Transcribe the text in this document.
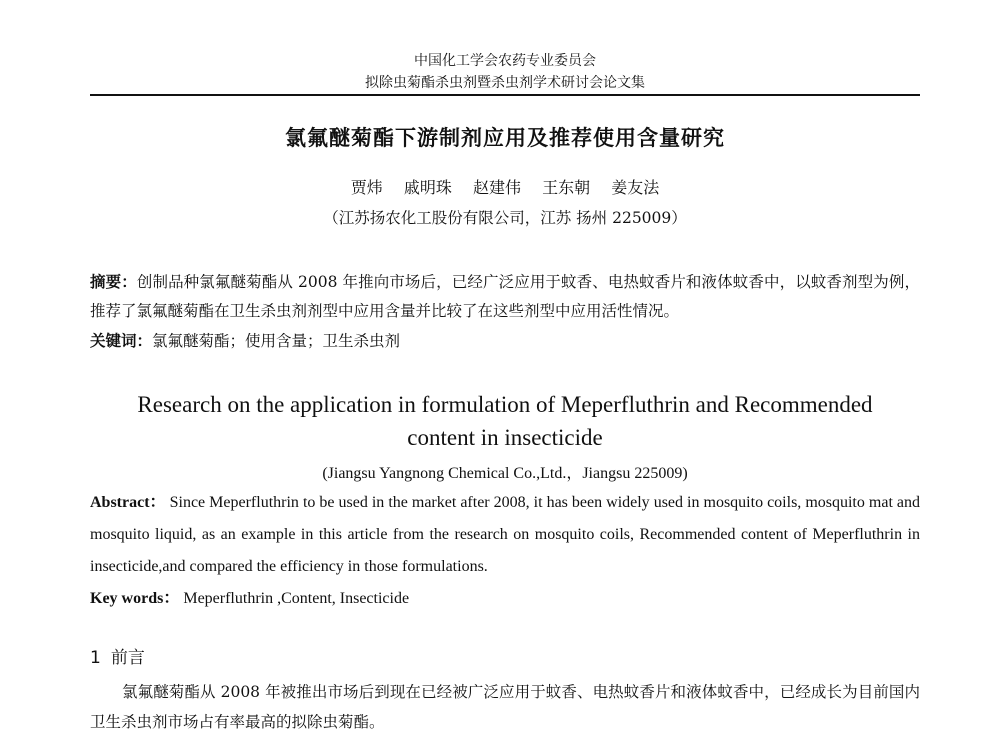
中国化工学会农药专业委员会
拟除虫菊酯杀虫剂暨杀虫剂学术研讨会论文集
氯氟醚菊酯下游制剂应用及推荐使用含量研究
贾炜 戚明珠 赵建伟 王东朝 姜友法
（江苏扬农化工股份有限公司，江苏 扬州 225009）
摘要：创制品种氯氟醚菊酯从 2008 年推向市场后，已经广泛应用于蚊香、电热蚊香片和液体蚊香中，以蚊香剂型为例，推荐了氯氟醚菊酯在卫生杀虫剂剂型中应用含量并比较了在这些剂型中应用活性情况。
关键词：氯氟醚菊酯；使用含量；卫生杀虫剂
Research on the application in formulation of Meperfluthrin and Recommended
content in insecticide
(Jiangsu Yangnong Chemical Co.,Ltd.，Jiangsu 225009)
Abstract： Since Meperfluthrin to be used in the market after 2008, it has been widely used in mosquito coils, mosquito mat and mosquito liquid, as an example in this article from the research on mosquito coils, Recommended content of Meperfluthrin in insecticide,and compared the efficiency in those formulations.
Key words： Meperfluthrin ,Content, Insecticide
1 前言
氯氟醚菊酯从 2008 年被推出市场后到现在已经被广泛应用于蚊香、电热蚊香片和液体蚊香中，已经成长为目前国内卫生杀虫剂市场占有率最高的拟除虫菊酯。
